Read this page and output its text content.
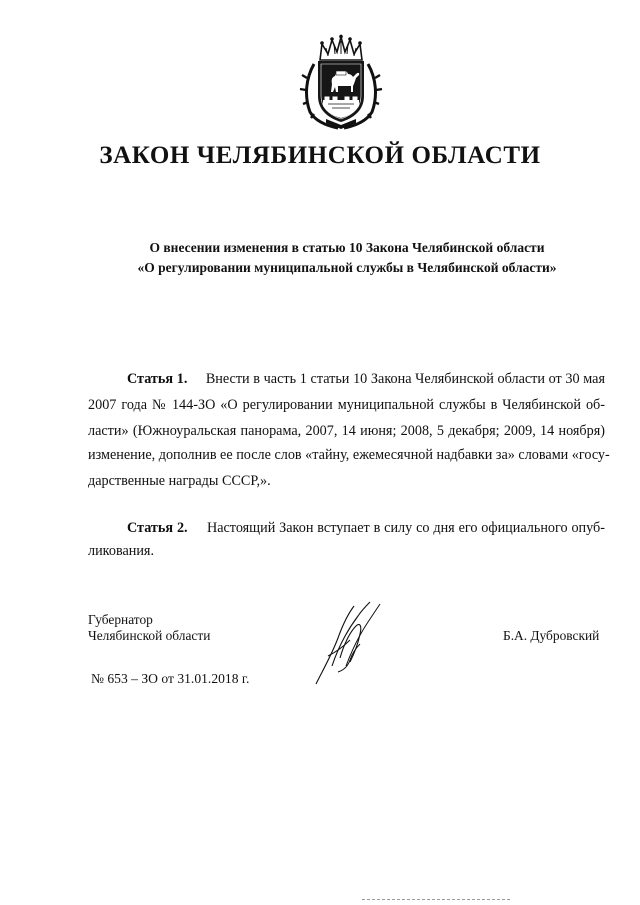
ЗАКОН ЧЕЛЯБИНСКОЙ ОБЛАСТИ
О внесении изменения в статью 10 Закона Челябинской области
«О регулировании муниципальной службы в Челябинской области»
Статья 1. Внести в часть 1 статьи 10 Закона Челябинской области от 30 мая
2007 года № 144-ЗО «О регулировании муниципальной службы в Челябинской об-
ласти» (Южноуральская панорама, 2007, 14 июня; 2008, 5 декабря; 2009, 14 ноября)
изменение, дополнив ее после слов «тайну, ежемесячной надбавки за» словами «госу-
дарственные награды СССР,».
Статья 2. Настоящий Закон вступает в силу со дня его официального опуб-
ликования.
Губернатор
Челябинской области	Б.А. Дубровский
№ 653 – ЗО от 31.01.2018 г.
